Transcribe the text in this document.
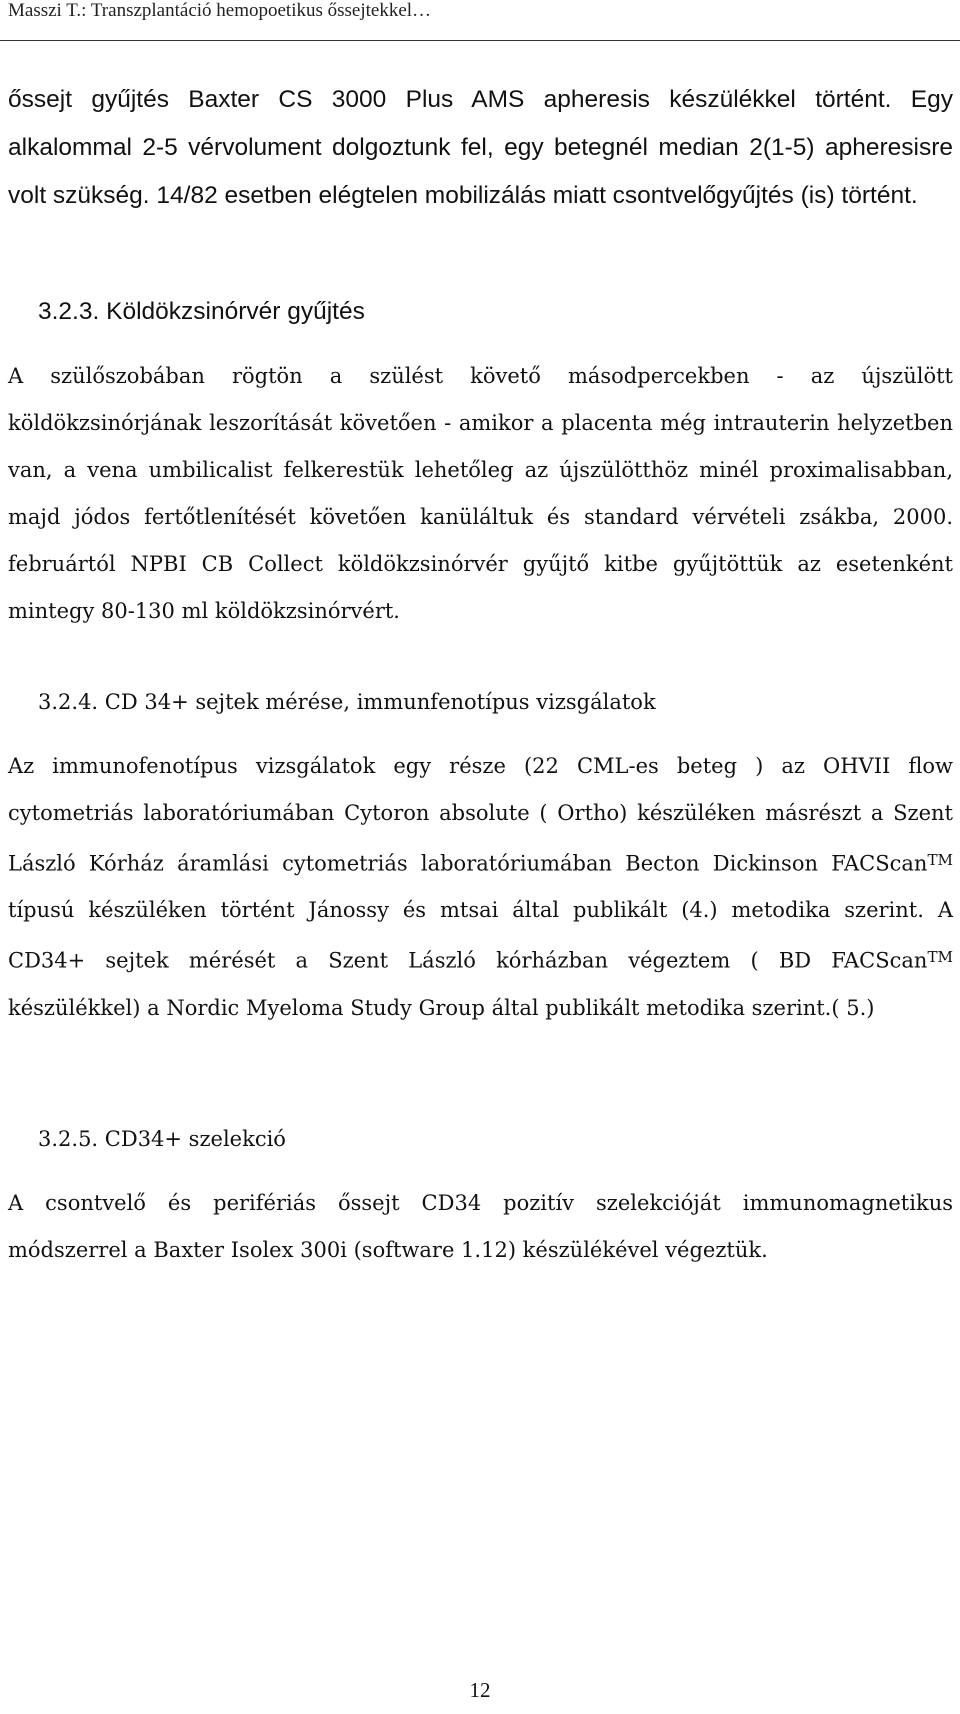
Masszi T.: Transzplantáció hemopoetikus őssejtekkel…

őssejt gyűjtés Baxter CS 3000 Plus AMS apheresis készülékkel történt. Egy alkalommal 2-5 vérvolument dolgoztunk fel, egy betegnél median 2(1-5) apheresisre volt szükség. 14/82 esetben elégtelen mobilizálás miatt csontvelőgyűjtés (is) történt.

3.2.3. Köldökzsinórvér gyűjtés

A szülőszobában rögtön a szülést követő másodpercekben - az újszülött köldökzsinórjának leszorítását követően - amikor a placenta még intrauterin helyzetben van, a vena umbilicalist felkerestük lehetőleg az újszülötthöz minél proximalisabban, majd jódos fertőtlenítését követően kanüláltuk és standard vérvételi zsákba, 2000. februártól NPBI CB Collect köldökzsinórvér gyűjtő kitbe gyűjtöttük az esetenként mintegy 80-130 ml köldökzsinórvért.

3.2.4. CD 34+ sejtek mérése, immunfenotípus vizsgálatok

Az immunofenotípus vizsgálatok egy része (22 CML-es beteg ) az OHVII flow cytometriás laboratóriumában Cytoron absolute ( Ortho) készüléken másrészt a Szent László Kórház áramlási cytometriás laboratóriumában Becton Dickinson FACScan™ típusú készüléken történt Jánossy és mtsai által publikált (4.) metodika szerint. A CD34+ sejtek mérését a Szent László kórházban végeztem ( BD FACScan™ készülékkel) a Nordic Myeloma Study Group által publikált metodika szerint.( 5.)

3.2.5. CD34+ szelekció

A csontvelő és perifériás őssejt CD34 pozitív szelekcióját immunomagnetikus módszerrel a Baxter Isolex 300i (software 1.12) készülékével végeztük.

12
